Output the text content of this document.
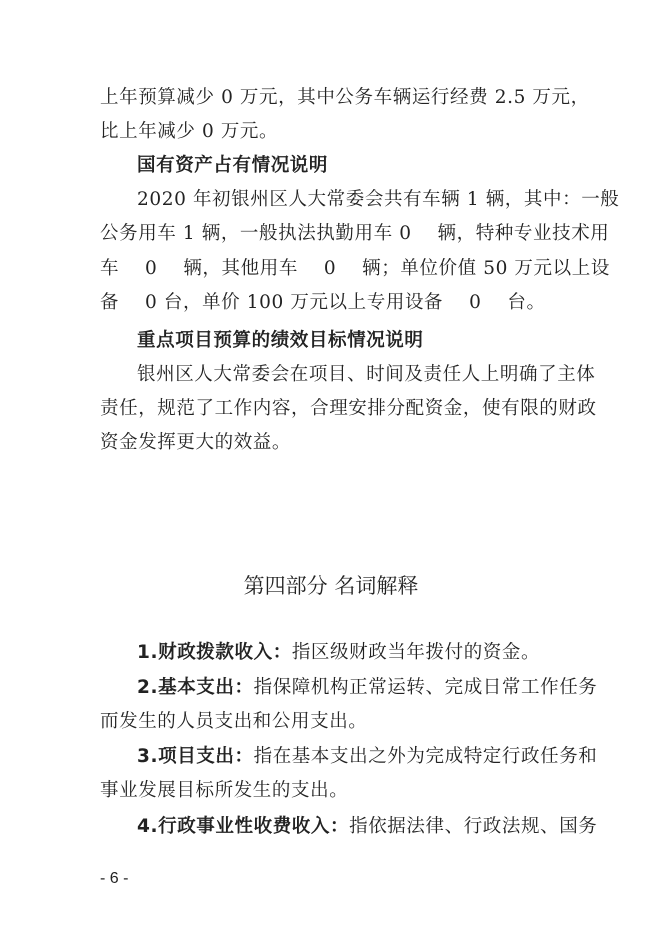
上年预算减少 0 万元，其中公务车辆运行经费 2.5 万元，
比上年减少 0 万元。
国有资产占有情况说明
2020 年初银州区人大常委会共有车辆 1 辆，其中：一般
公务用车 1 辆，一般执法执勤用车 0    辆，特种专业技术用
车    0    辆，其他用车    0    辆；单位价值 50 万元以上设
备    0 台，单价 100 万元以上专用设备    0    台。
重点项目预算的绩效目标情况说明
银州区人大常委会在项目、时间及责任人上明确了主体
责任，规范了工作内容，合理安排分配资金，使有限的财政
资金发挥更大的效益。
第四部分 名词解释
1.财政拨款收入：指区级财政当年拨付的资金。
2.基本支出：指保障机构正常运转、完成日常工作任务
而发生的人员支出和公用支出。
3.项目支出：指在基本支出之外为完成特定行政任务和
事业发展目标所发生的支出。
4.行政事业性收费收入：指依据法律、行政法规、国务
- 6 -
